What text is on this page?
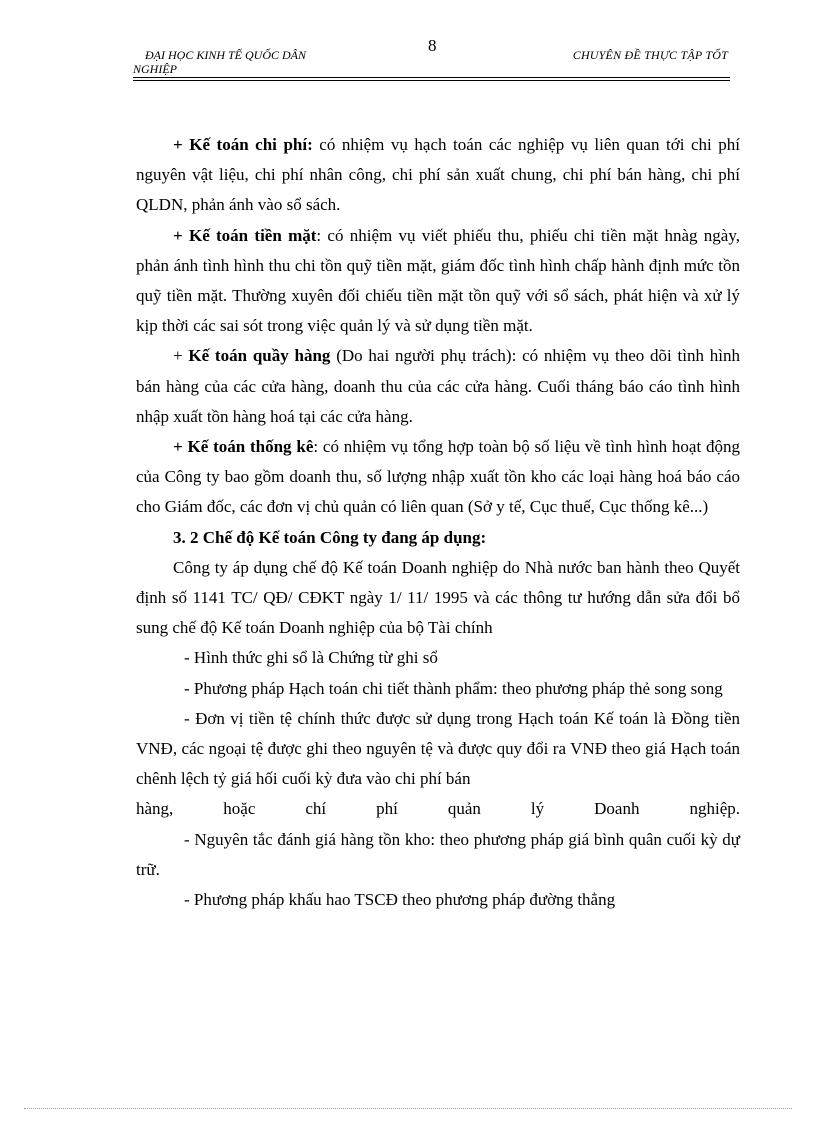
ĐẠI HỌC KINH TẾ QUỐC DÂN
NGHIỆP
8	CHUYÊN ĐỀ THỰC TẬP TỐT

+ Kế toán chi phí: có nhiệm vụ hạch toán các nghiệp vụ liên quan tới chi phí nguyên vật liệu, chi phí nhân công, chi phí sản xuất chung, chi phí bán hàng, chi phí QLDN, phản ánh vào sổ sách.

+ Kế toán tiền mặt: có nhiệm vụ viết phiếu thu, phiếu chi tiền mặt hnàg ngày, phản ánh tình hình thu chi tồn quỹ tiền mặt, giám đốc tình hình chấp hành định mức tồn quỹ tiền mặt. Thường xuyên đối chiếu tiền mặt tồn quỹ với sổ sách, phát hiện và xử lý kịp thời các sai sót trong việc quản lý và sử dụng tiền mặt.

+ Kế toán quầy hàng (Do hai người phụ trách): có nhiệm vụ theo dõi tình hình bán hàng của các cửa hàng, doanh thu của các cửa hàng. Cuối tháng báo cáo tình hình nhập xuất tồn hàng hoá tại các cửa hàng.

+ Kế toán thống kê: có nhiệm vụ tổng hợp toàn bộ số liệu về tình hình hoạt động của Công ty bao gồm doanh thu, số lượng nhập xuất tồn kho các loại hàng hoá báo cáo cho Giám đốc, các đơn vị chủ quản có liên quan (Sở y tế, Cục thuế, Cục thống kê...)

3. 2 Chế độ Kế toán Công ty đang áp dụng:

Công ty áp dụng chế độ Kế toán Doanh nghiệp do Nhà nước ban hành theo Quyết định số 1141 TC/ QĐ/ CĐKT ngày 1/ 11/ 1995 và các thông tư hướng dẫn sửa đổi bổ sung chế độ Kế toán Doanh nghiệp của bộ Tài chính

- Hình thức ghi sổ là Chứng từ ghi sổ

- Phương pháp Hạch toán chi tiết thành phẩm: theo phương pháp thẻ song song

- Đơn vị tiền tệ chính thức được sử dụng trong Hạch toán Kế toán là Đồng tiền VNĐ, các ngoại tệ được ghi theo nguyên tệ và được quy đổi ra VNĐ theo giá Hạch toán chênh lệch tỷ giá hối cuối kỳ đưa vào chi phí bán

hàng, hoặc chí phí quản lý Doanh nghiệp.

- Nguyên tắc đánh giá hàng tồn kho: theo phương pháp giá bình quân cuối kỳ dự trữ.

- Phương pháp khấu hao TSCĐ theo phương pháp đường thẳng
